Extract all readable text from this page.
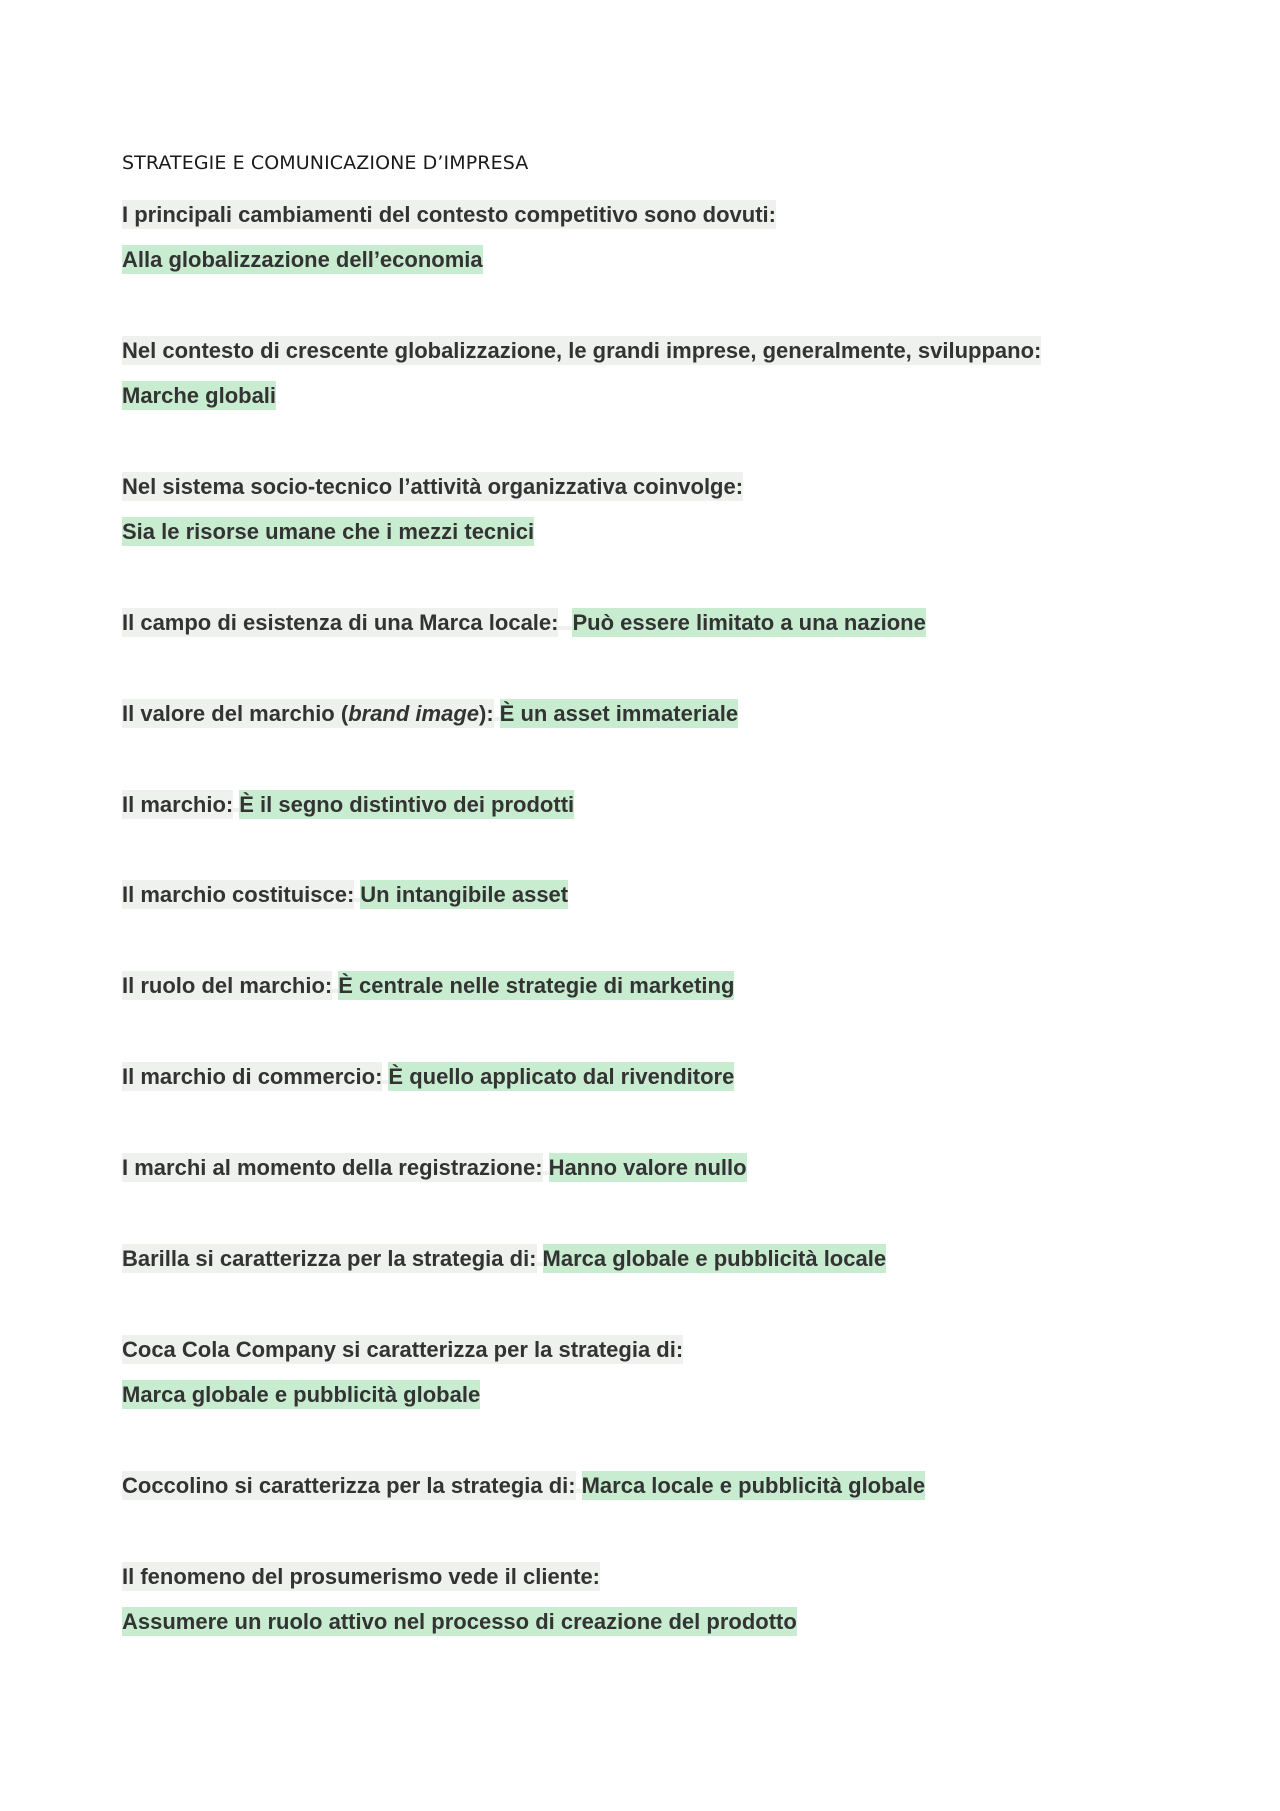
STRATEGIE E COMUNICAZIONE D’IMPRESA
I principali cambiamenti del contesto competitivo sono dovuti:
Alla globalizzazione dell’economia
Nel contesto di crescente globalizzazione, le grandi imprese, generalmente, sviluppano:
Marche globali
Nel sistema socio-tecnico l’attività organizzativa coinvolge:
Sia le risorse umane che i mezzi tecnici
Il campo di esistenza di una Marca locale: Può essere limitato a una nazione
Il valore del marchio (brand image): È un asset immateriale
Il marchio: È il segno distintivo dei prodotti
Il marchio costituisce: Un intangibile asset
Il ruolo del marchio: È centrale nelle strategie di marketing
Il marchio di commercio: È quello applicato dal rivenditore
I marchi al momento della registrazione: Hanno valore nullo
Barilla si caratterizza per la strategia di: Marca globale e pubblicità locale
Coca Cola Company si caratterizza per la strategia di:
Marca globale e pubblicità globale
Coccolino si caratterizza per la strategia di: Marca locale e pubblicità globale
Il fenomeno del prosumerismo vede il cliente:
Assumere un ruolo attivo nel processo di creazione del prodotto
